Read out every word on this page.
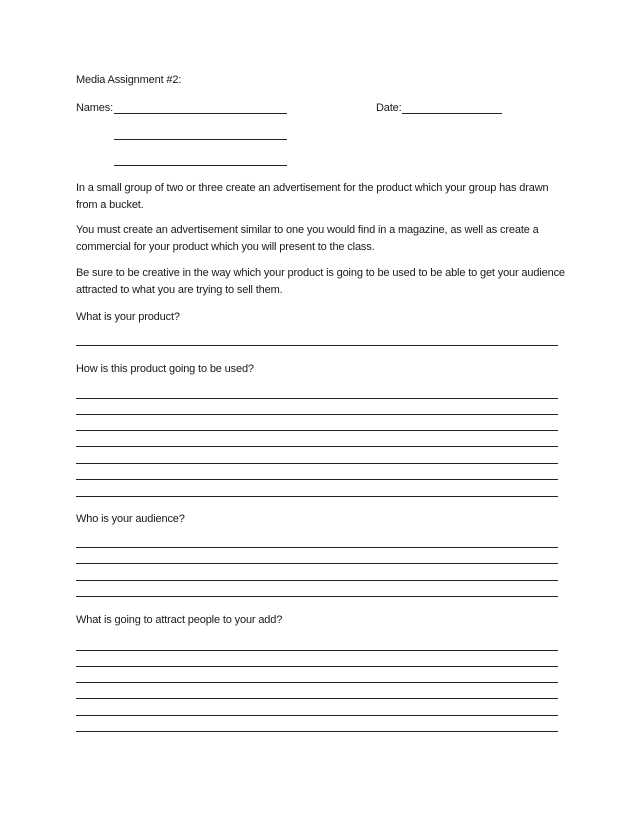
Media Assignment #2:
Names:	Date:
In a small group of two or three create an advertisement for the product which your group has drawn from a bucket.
You must create an advertisement similar to one you would find in a magazine, as well as create a commercial for your product which you will present to the class.
Be sure to be creative in the way which your product is going to be used to be able to get your audience attracted to what you are trying to sell them.
What is your product?
How is this product going to be used?
Who is your audience?
What is going to attract people to your add?
